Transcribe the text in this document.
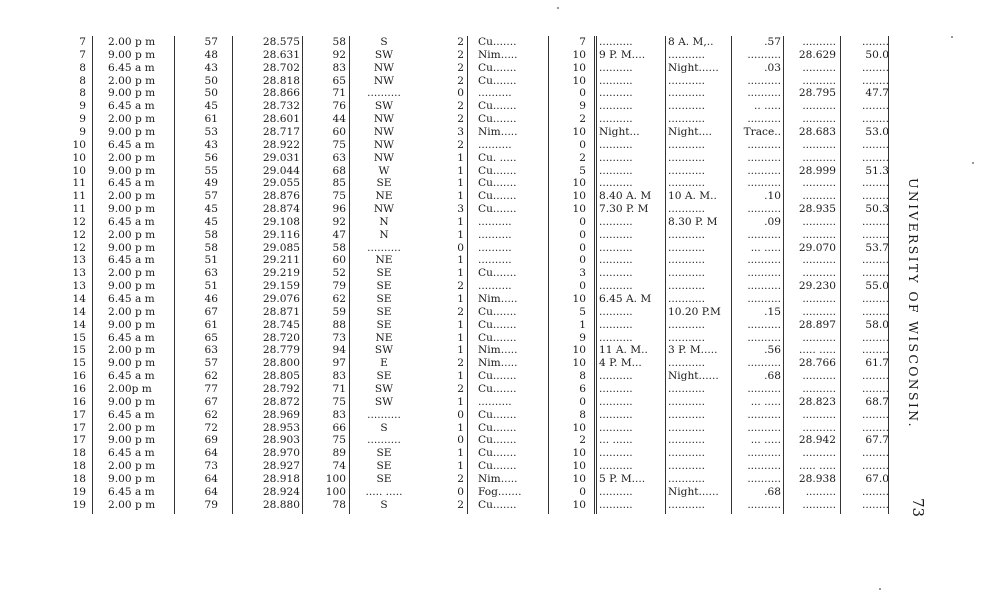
7 2.00 p m	57	28.575	58	S	2 Cu.......	7 ..........	8 A. M,..	.57	..........	........
7 9.00 p m	48	28.631	92	SW	2 Nim.....	10 9 P. M....	...........	..........	28.629	50.0
8 6.45 a m	43	28.702	83	NW	2 Cu.......	10 ..........	Night......	.03	..........	........
8 2.00 p m	50	28.818	65	NW	2 Cu.......	10 ..........	...........	..........	..........	........
8 9.00 p m	50	28.866	71	..........	0 ..........	0 ..........	...........	..........	28.795	47.7
9 6.45 a m	45	28.732	76	SW	2 Cu.......	9 ..........	...........	.. .....	..........	........
9 2.00 p m	61	28.601	44	NW	2 Cu.......	2 ..........	...........	..........	..........	........
9 9.00 p m	53	28.717	60	NW	3 Nim.....	10 Night...	Night....	Trace..	28.683	53.0
10 6.45 a m	43	28.922	75	NW	2 ..........	0 ..........	...........	..........	..........	........
10 2.00 p m	56	29.031	63	NW	1 Cu. .....	2 ..........	...........	..........	..........	........
10 9.00 p m	55	29.044	68	W	1 Cu.......	5 ..........	...........	..........	28.999	51.3
11 6.45 a m	49	29.055	85	SE	1 Cu.......	10 ..........	...........	..........	..........	........
11 2.00 p m	57	28.876	75	NE	1 Cu.......	10 8.40 A. M	10 A. M..	.10	..........	........
11 9.00 p m	45	28.874	96	NW	3 Cu.......	10 7.30 P. M	...........	..........	28.935	50.3
12 6.45 a m	45	29.108	92	N	1 ..........	0 ..........	8.30 P. M	.09	..........	........
12 2.00 p m	58	29.116	47	N	1 ..........	0 ..........	...........	..........	..........	........
12 9.00 p m	58	29.085	58	..........	0 ..........	0 ..........	...........	... .....	29.070	53.7
13 6.45 a m	51	29.211	60	NE	1 ..........	0 ..........	...........	..........	..........	........
13 2.00 p m	63	29.219	52	SE	1 Cu.......	3 ..........	...........	..........	..........	........
13 9.00 p m	51	29.159	79	SE	2 ..........	0 ..........	...........	..........	29.230	55.0
14 6.45 a m	46	29.076	62	SE	1 Nim.....	10 6.45 A. M	...........	..........	..........	........
14 2.00 p m	67	28.871	59	SE	2 Cu.......	5 ..........	10.20 P.M	.15	..........	........
14 9.00 p m	61	28.745	88	SE	1 Cu.......	1 ..........	...........	..........	28.897	58.0
15 6.45 a m	65	28.720	73	NE	1 Cu.......	9 ..........	...........	..........	..........	........
15 2.00 p m	63	28.779	94	SW	1 Nim.....	10 11 A. M..	3 P. M.....	.56	..... .....	........
15 9.00 p m	57	28.800	97	E	2 Nim.....	10 4 P. M...	...........	..........	28.766	61.7
16 6.45 a m	62	28.805	83	SE	1 Cu.......	8 ..........	Night......	.68	..........	........
16 2.00p m	77	28.792	71	SW	2 Cu.......	6 ..........	...........	..........	..........	........
16 9.00 p m	67	28.872	75	SW	1 ..........	0 ..........	...........	... .....	28.823	68.7
17 6.45 a m	62	28.969	83	..........	0 Cu.......	8 ..........	...........	..........	..........	........
17 2.00 p m	72	28.953	66	S	1 Cu.......	10 ..........	...........	..........	..........	........
17 9.00 p m	69	28.903	75	..........	0 Cu.......	2 ... ......	...........	... .....	28.942	67.7
18 6.45 a m	64	28.970	89	SE	1 Cu.......	10 ..........	...........	..........	..........	........
18 2.00 p m	73	28.927	74	SE	1 Cu.......	10 ..........	...........	..........	..... .....	........
18 9.00 p m	64	28.918	100	SE	2 Nim.....	10 5 P. M....	...........	..........	28.938	67.0
19 6.45 a m	64	28.924	100	..... .....	0 Fog.......	0 ..........	Night......	.68	.........	........
19 2.00 p m	79	28.880	78	S	2 Cu.......	10 ..........	...........	..........	..........	........
UNIVERSITY OF WISCONSIN.
73
